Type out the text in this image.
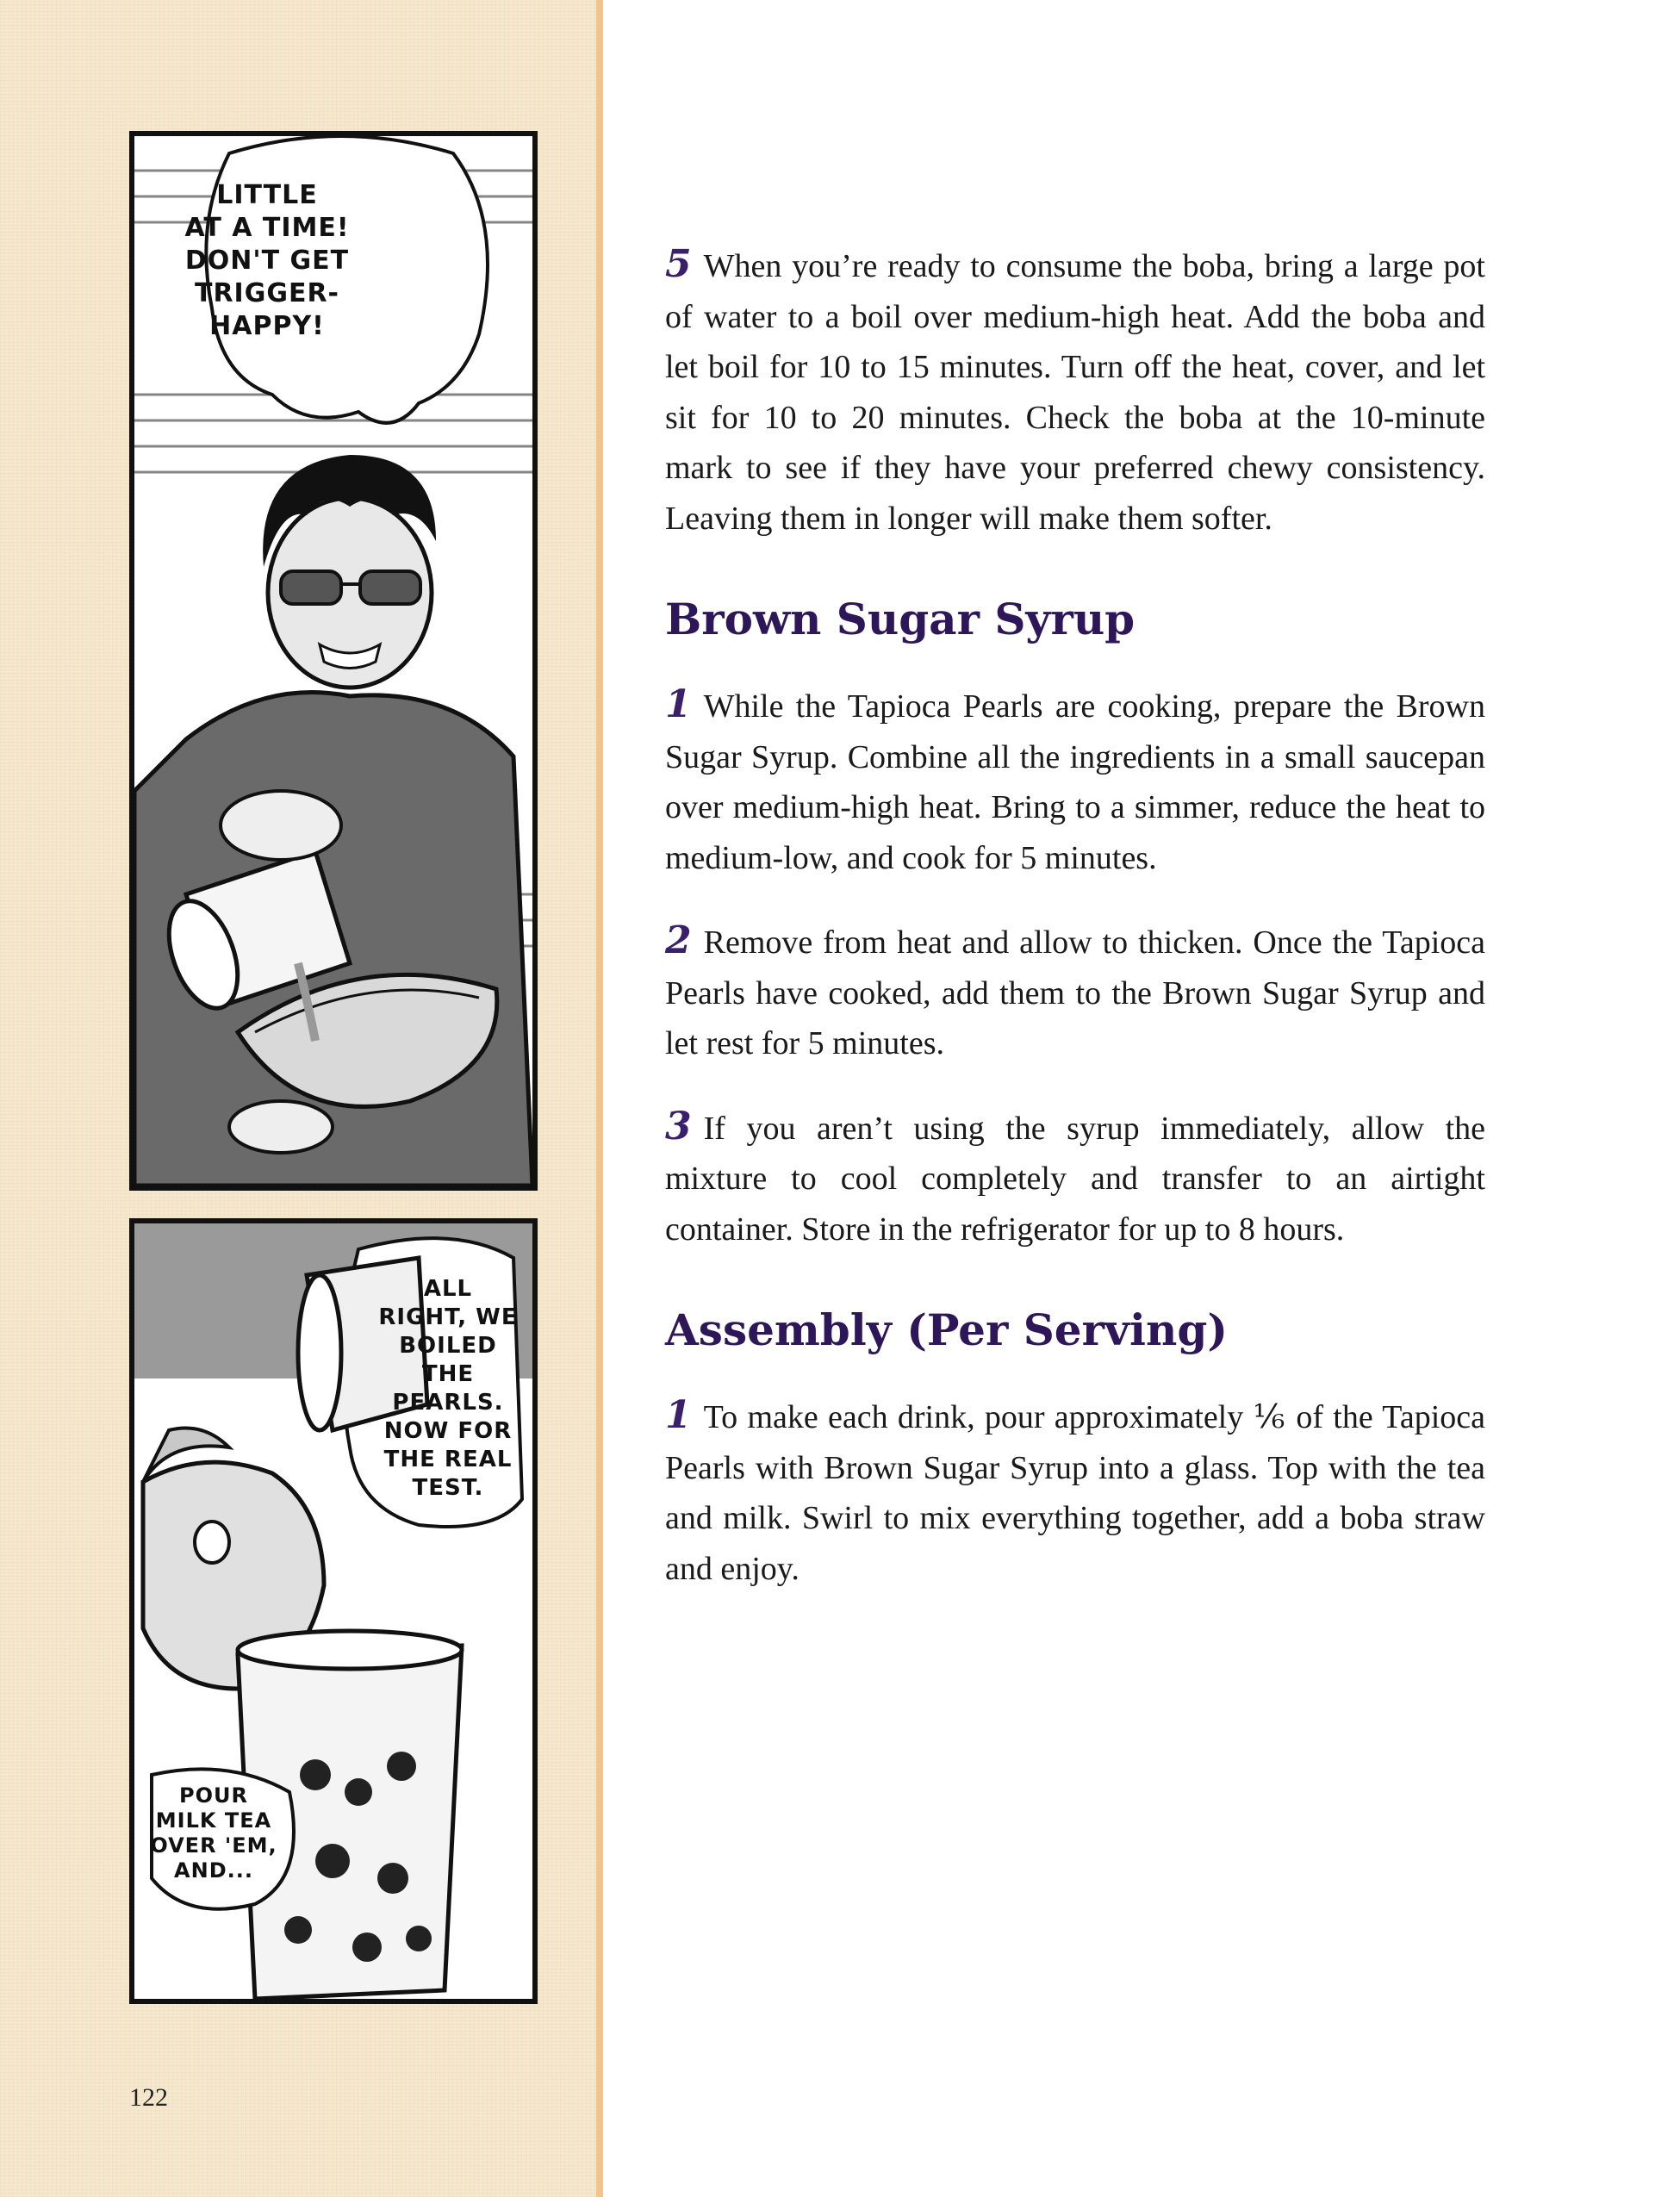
LITTLE
AT A TIME!
DON'T GET
TRIGGER-
HAPPY!
ALL
RIGHT, WE
BOILED
THE
PEARLS.
NOW FOR
THE REAL
TEST.
POUR
MILK TEA
OVER 'EM,
AND...
122

5 When you’re ready to consume the boba, bring a large pot of water to a boil over medium-high heat. Add the boba and let boil for 10 to 15 minutes. Turn off the heat, cover, and let sit for 10 to 20 minutes. Check the boba at the 10-minute mark to see if they have your preferred chewy consistency. Leaving them in longer will make them softer.

Brown Sugar Syrup

1 While the Tapioca Pearls are cooking, prepare the Brown Sugar Syrup. Combine all the ingredients in a small saucepan over medium-high heat. Bring to a simmer, reduce the heat to medium-low, and cook for 5 minutes.

2 Remove from heat and allow to thicken. Once the Tapioca Pearls have cooked, add them to the Brown Sugar Syrup and let rest for 5 minutes.

3 If you aren’t using the syrup immediately, allow the mixture to cool completely and transfer to an airtight container. Store in the refrigerator for up to 8 hours.

Assembly (Per Serving)

1 To make each drink, pour approximately ⅙ of the Tapioca Pearls with Brown Sugar Syrup into a glass. Top with the tea and milk. Swirl to mix everything together, add a boba straw and enjoy.
